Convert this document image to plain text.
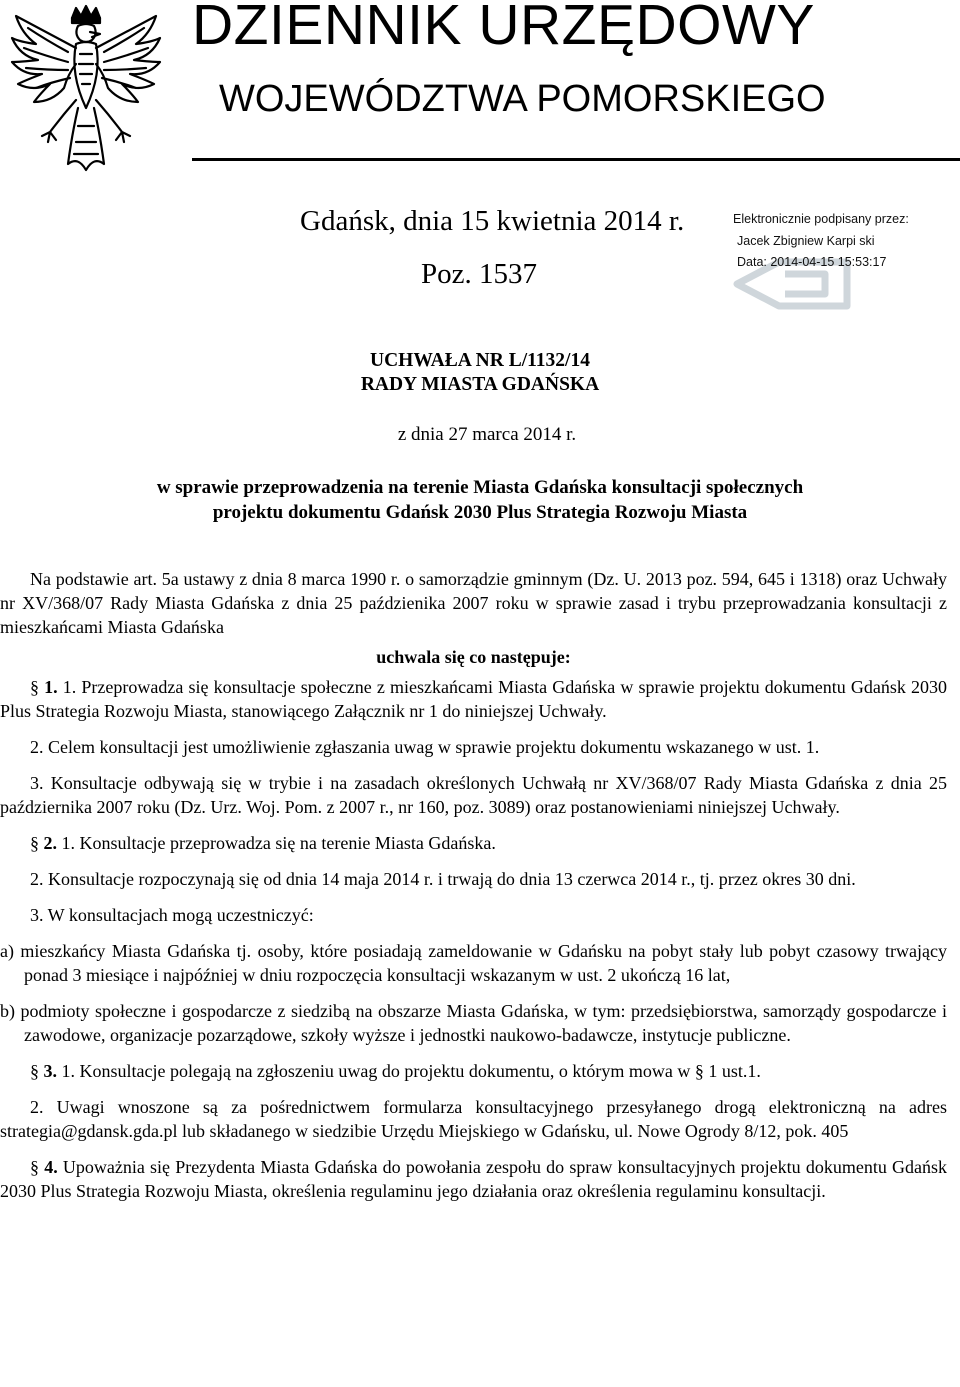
DZIENNIK URZĘDOWY
WOJEWÓDZTWA POMORSKIEGO
Gdańsk, dnia 15 kwietnia 2014 r.
Poz. 1537
Elektronicznie podpisany przez:
Jacek Zbigniew Karpi ski
Data: 2014-04-15 15:53:17
UCHWAŁA NR L/1132/14
RADY MIASTA GDAŃSKA
z dnia 27 marca 2014 r.
w sprawie przeprowadzenia na terenie Miasta Gdańska konsultacji społecznych
projektu dokumentu Gdańsk 2030 Plus Strategia Rozwoju Miasta

Na podstawie art. 5a ustawy z dnia 8 marca 1990 r. o samorządzie gminnym (Dz. U. 2013 poz. 594, 645 i 1318) oraz Uchwały nr XV/368/07 Rady Miasta Gdańska z dnia 25 paździenika 2007 roku w sprawie zasad i trybu przeprowadzania konsultacji z mieszkańcami Miasta Gdańska

uchwala się co następuje:

§ 1. 1. Przeprowadza się konsultacje społeczne z mieszkańcami Miasta Gdańska w sprawie projektu dokumentu Gdańsk 2030 Plus Strategia Rozwoju Miasta, stanowiącego Załącznik nr 1 do niniejszej Uchwały.

2. Celem konsultacji jest umożliwienie zgłaszania uwag w sprawie projektu dokumentu wskazanego w ust. 1.

3. Konsultacje odbywają się w trybie i na zasadach określonych Uchwałą nr XV/368/07 Rady Miasta Gdańska z dnia 25 października 2007 roku (Dz. Urz. Woj. Pom. z 2007 r., nr 160, poz. 3089) oraz postanowieniami niniejszej Uchwały.

§ 2. 1. Konsultacje przeprowadza się na terenie Miasta Gdańska.

2. Konsultacje rozpoczynają się od dnia 14 maja 2014 r. i trwają do dnia 13 czerwca 2014 r., tj. przez okres 30 dni.

3. W konsultacjach mogą uczestniczyć:

a) mieszkańcy Miasta Gdańska tj. osoby, które posiadają zameldowanie w Gdańsku na pobyt stały lub pobyt czasowy trwający ponad 3 miesiące i najpóźniej w dniu rozpoczęcia konsultacji wskazanym w ust. 2 ukończą 16 lat,

b) podmioty społeczne i gospodarcze z siedzibą na obszarze Miasta Gdańska, w tym: przedsiębiorstwa, samorządy gospodarcze i zawodowe, organizacje pozarządowe, szkoły wyższe i jednostki naukowo-badawcze, instytucje publiczne.

§ 3. 1. Konsultacje polegają na zgłoszeniu uwag do projektu dokumentu, o którym mowa w § 1 ust.1.

2. Uwagi wnoszone są za pośrednictwem formularza konsultacyjnego przesyłanego drogą elektroniczną na adres strategia@gdansk.gda.pl lub składanego w siedzibie Urzędu Miejskiego w Gdańsku, ul. Nowe Ogrody 8/12, pok. 405

§ 4. Upoważnia się Prezydenta Miasta Gdańska do powołania zespołu do spraw konsultacyjnych projektu dokumentu Gdańsk 2030 Plus Strategia Rozwoju Miasta, określenia regulaminu jego działania oraz określenia regulaminu konsultacji.
